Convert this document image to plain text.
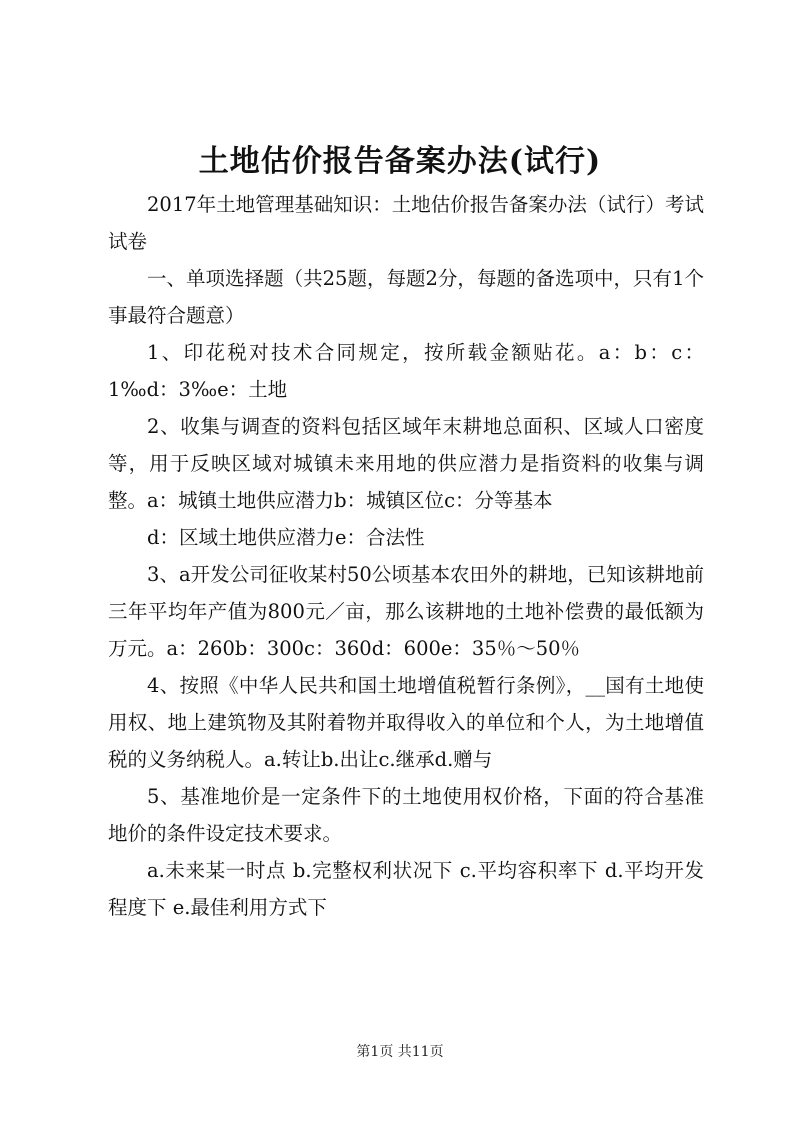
土地估价报告备案办法(试行)

2017年土地管理基础知识：土地估价报告备案办法（试行）考试试卷

一、单项选择题（共25题，每题2分，每题的备选项中，只有1个事最符合题意）

1、印花税对技术合同规定，按所载金额贴花。a：b：c：1‰d：3‰e：土地

2、收集与调查的资料包括区域年末耕地总面积、区域人口密度等，用于反映区域对城镇未来用地的供应潜力是指资料的收集与调整。a：城镇土地供应潜力b：城镇区位c：分等基本

d：区域土地供应潜力e：合法性

3、a开发公司征收某村50公顷基本农田外的耕地，已知该耕地前三年平均年产值为800元／亩，那么该耕地的土地补偿费的最低额为万元。a：260b：300c：360d：600e：35％～50％

4、按照《中华人民共和国土地增值税暂行条例》，__国有土地使用权、地上建筑物及其附着物并取得收入的单位和个人，为土地增值税的义务纳税人。a.转让b.出让c.继承d.赠与

5、基准地价是一定条件下的土地使用权价格，下面的符合基准地价的条件设定技术要求。

a.未来某一时点 b.完整权利状况下 c.平均容积率下 d.平均开发程度下 e.最佳利用方式下

第1页 共11页
